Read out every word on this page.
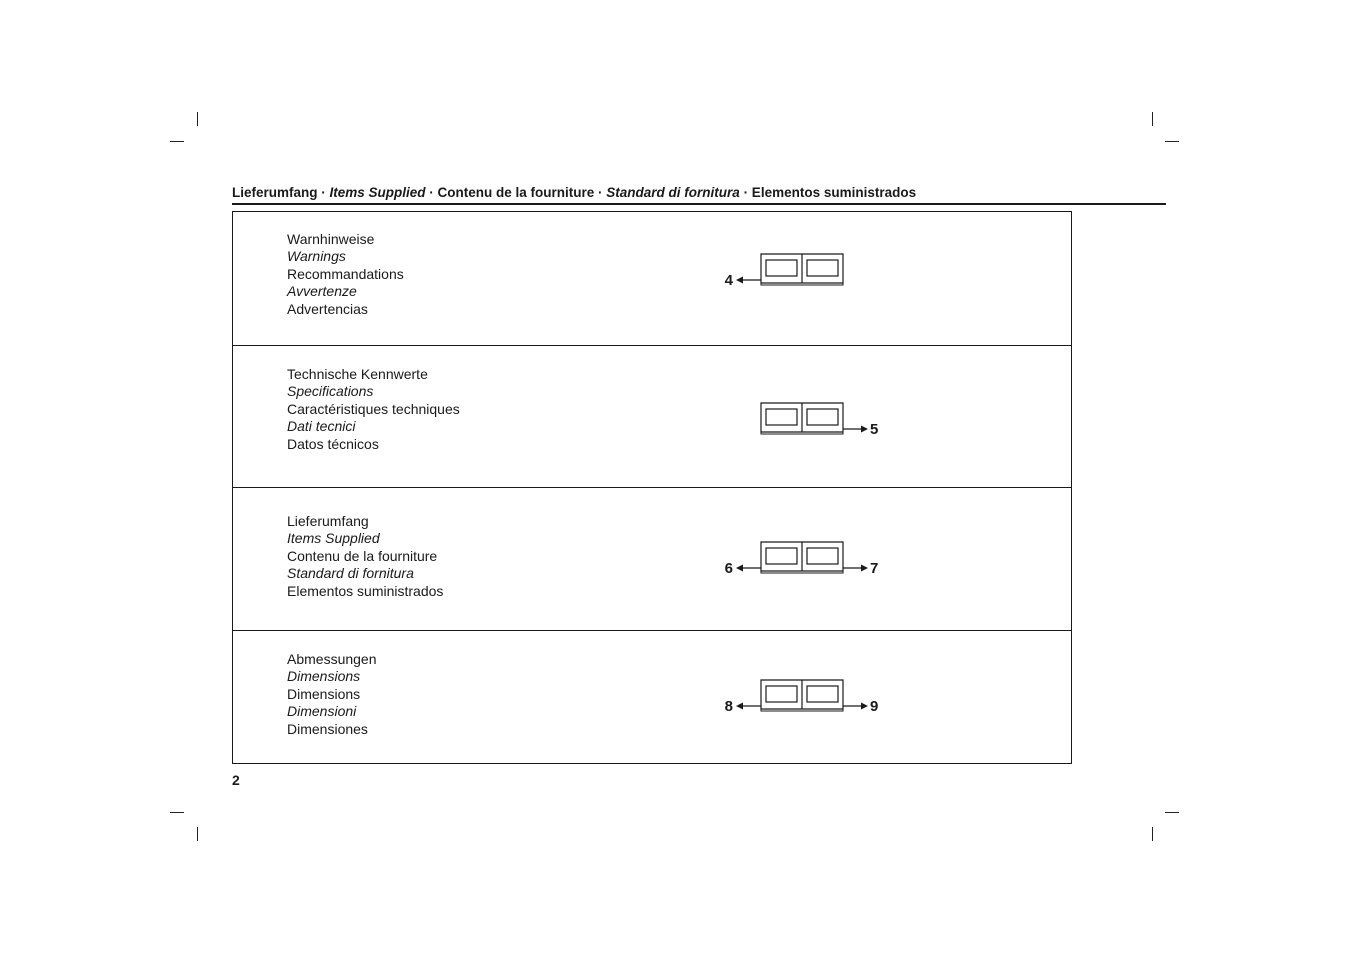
Lieferumfang · Items Supplied · Contenu de la fourniture · Standard di fornitura · Elementos suministrados
Warnhinweise
Warnings
Recommandations
Avvertenze
Advertencias
4
Technische Kennwerte
Specifications
Caractéristiques techniques
Dati tecnici
Datos técnicos
5
Lieferumfang
Items Supplied
Contenu de la fourniture
Standard di fornitura
Elementos suministrados
6	7
Abmessungen
Dimensions
Dimensions
Dimensioni
Dimensiones
8	9
2
